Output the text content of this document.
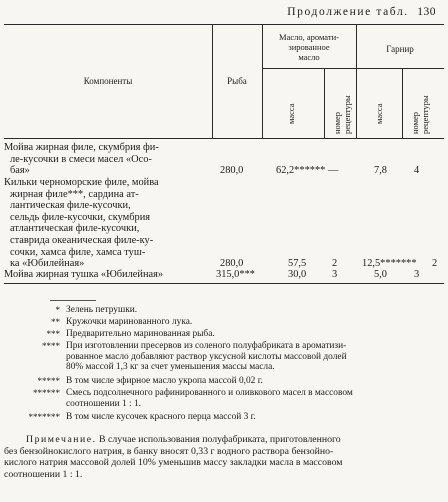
Продолжение табл. 130
Компоненты	Рыба
Масло, аромати-
зированное
масло
Гарнир
масса	номер рецептуры	масса	номер рецептуры
Мойва жирная филе, скумбрия фи-
ле-кусочки в смеси масел «Осо-
бая»	280,0	62,2****** —	7,8	4
Кильки черноморские филе, мойва
жирная филе***, сардина ат-
лантическая филе-кусочки,
сельдь филе-кусочки, скумбрия
атлантическая филе-кусочки,
ставрида океаническая филе-ку-
сочки, хамса филе, хамса туш-
ка «Юбилейная»	280,0	57,5 2 12,5******* 2
Мойва жирная тушка «Юбилейная»	315,0***	30,0 3	5,0	3
* Зелень петрушки.
** Кружочки маринованного лука.
*** Предварительно маринованная рыба.
**** При изготовлении пресервов из соленого полуфабриката в ароматизи-
рованное масло добавляют раствор уксусной кислоты массовой долей
80% массой 1,3 кг за счет уменьшения массы масла.
***** В том числе эфирное масло укропа массой 0,02 г.
****** Смесь подсолнечного рафинированного и оливкового масел в массовом
соотношении 1 : 1.
******* В том числе кусочек красного перца массой 3 г.
Примечание. В случае использования полуфабриката, приготовленного
без бензойнокислого натрия, в банку вносят 0,33 г водного раствора бензойно-
кислого натрия массовой долей 10% уменьшив массу закладки масла в массовом
соотношении 1 : 1.
